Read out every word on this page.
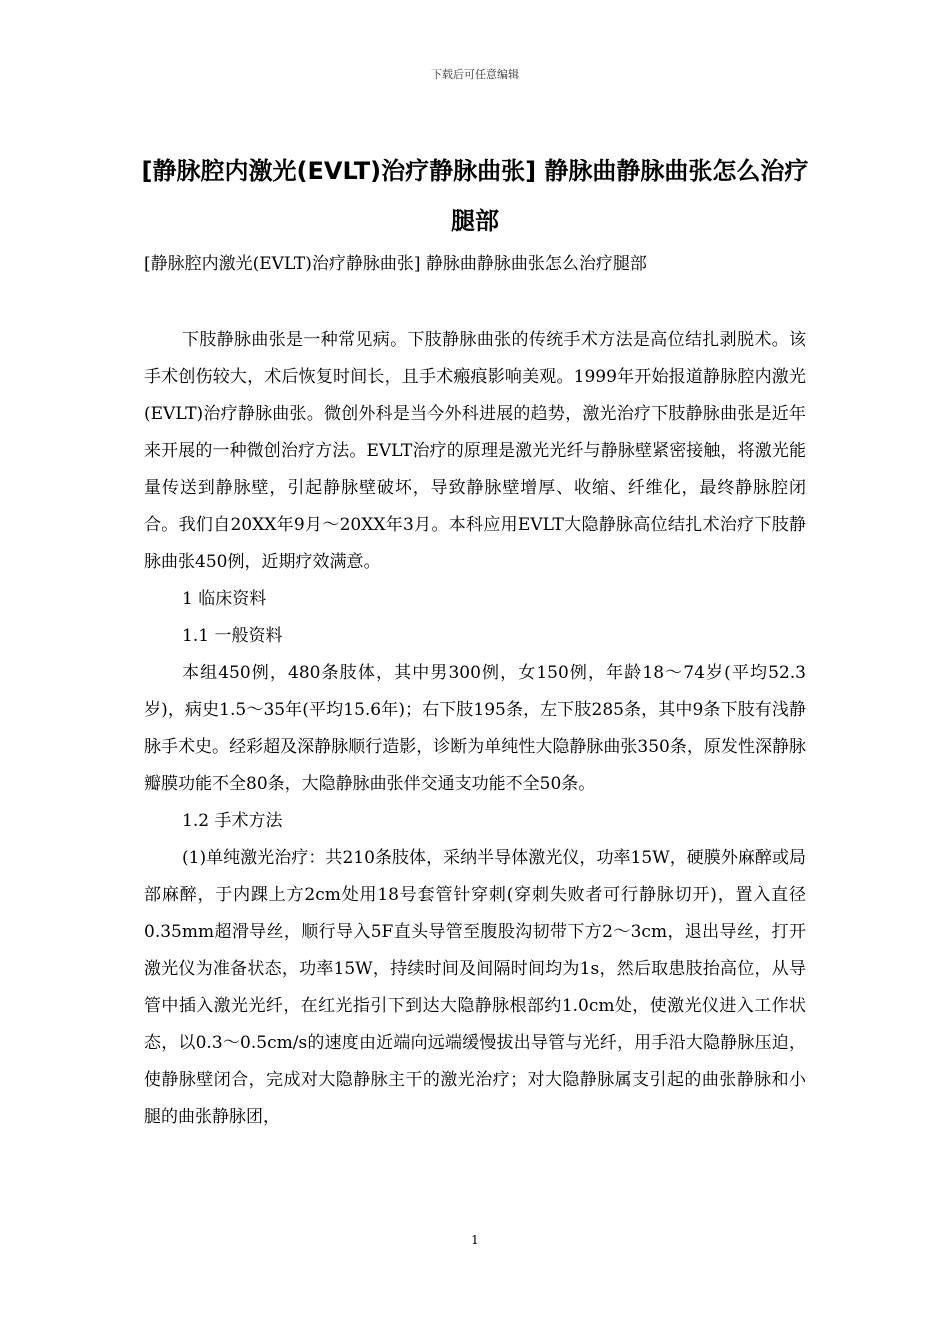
下载后可任意编辑
[静脉腔内激光(EVLT)治疗静脉曲张] 静脉曲静脉曲张怎么治疗腿部
[静脉腔内激光(EVLT)治疗静脉曲张] 静脉曲静脉曲张怎么治疗腿部

下肢静脉曲张是一种常见病。下肢静脉曲张的传统手术方法是高位结扎剥脱术。该手术创伤较大，术后恢复时间长，且手术瘢痕影响美观。1999年开始报道静脉腔内激光(EVLT)治疗静脉曲张。微创外科是当今外科进展的趋势，激光治疗下肢静脉曲张是近年来开展的一种微创治疗方法。EVLT治疗的原理是激光光纤与静脉壁紧密接触，将激光能量传送到静脉壁，引起静脉壁破坏，导致静脉壁增厚、收缩、纤维化，最终静脉腔闭合。我们自20XX年9月～20XX年3月。本科应用EVLT大隐静脉高位结扎术治疗下肢静脉曲张450例，近期疗效满意。

1 临床资料

1.1 一般资料

本组450例，480条肢体，其中男300例，女150例，年龄18～74岁(平均52.3岁)，病史1.5～35年(平均15.6年)；右下肢195条，左下肢285条，其中9条下肢有浅静脉手术史。经彩超及深静脉顺行造影，诊断为单纯性大隐静脉曲张350条，原发性深静脉瓣膜功能不全80条，大隐静脉曲张伴交通支功能不全50条。

1.2 手术方法

(1)单纯激光治疗：共210条肢体，采纳半导体激光仪，功率15W，硬膜外麻醉或局部麻醉，于内踝上方2cm处用18号套管针穿刺(穿刺失败者可行静脉切开)，置入直径0.35mm超滑导丝，顺行导入5F直头导管至腹股沟韧带下方2～3cm，退出导丝，打开激光仪为准备状态，功率15W，持续时间及间隔时间均为1s，然后取患肢抬高位，从导管中插入激光光纤，在红光指引下到达大隐静脉根部约1.0cm处，使激光仪进入工作状态，以0.3～0.5cm/s的速度由近端向远端缓慢拔出导管与光纤，用手沿大隐静脉压迫，使静脉壁闭合，完成对大隐静脉主干的激光治疗；对大隐静脉属支引起的曲张静脉和小腿的曲张静脉团，

1
